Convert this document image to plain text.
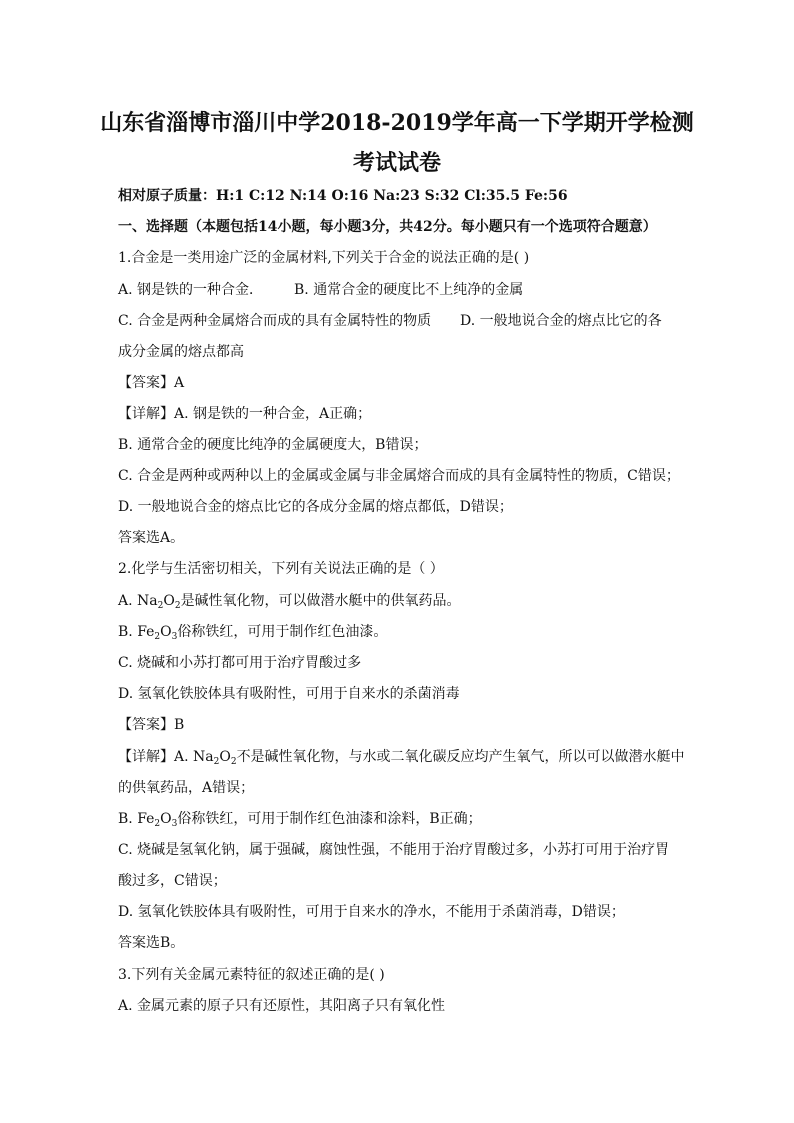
山东省淄博市淄川中学2018-2019学年高一下学期开学检测
考试试卷
相对原子质量：H:1 C:12 N:14 O:16 Na:23 S:32 Cl:35.5 Fe:56
一、选择题（本题包括14小题，每小题3分，共42分。每小题只有一个选项符合题意）
1.合金是一类用途广泛的金属材料,下列关于合金的说法正确的是( )
A. 钢是铁的一种合金． B. 通常合金的硬度比不上纯净的金属
C. 合金是两种金属熔合而成的具有金属特性的物质 D. 一般地说合金的熔点比它的各
成分金属的熔点都高
【答案】A
【详解】A. 钢是铁的一种合金，A正确；
B. 通常合金的硬度比纯净的金属硬度大，B错误；
C. 合金是两种或两种以上的金属或金属与非金属熔合而成的具有金属特性的物质，C错误；
D. 一般地说合金的熔点比它的各成分金属的熔点都低，D错误；
答案选A。
2.化学与生活密切相关，下列有关说法正确的是（ ）
A. $Na_2O_2$是碱性氧化物，可以做潜水艇中的供氧药品。
B. $Fe_2O_3$俗称铁红，可用于制作红色油漆。
C. 烧碱和小苏打都可用于治疗胃酸过多
D. 氢氧化铁胶体具有吸附性，可用于自来水的杀菌消毒
【答案】B
【详解】A. $Na_2O_2$不是碱性氧化物，与水或二氧化碳反应均产生氧气，所以可以做潜水艇中
的供氧药品，A错误；
B. $Fe_2O_3$俗称铁红，可用于制作红色油漆和涂料，B正确；
C. 烧碱是氢氧化钠，属于强碱，腐蚀性强，不能用于治疗胃酸过多，小苏打可用于治疗胃
酸过多，C错误；
D. 氢氧化铁胶体具有吸附性，可用于自来水的净水，不能用于杀菌消毒，D错误；
答案选B。
3.下列有关金属元素特征的叙述正确的是( )
A. 金属元素的原子只有还原性，其阳离子只有氧化性
